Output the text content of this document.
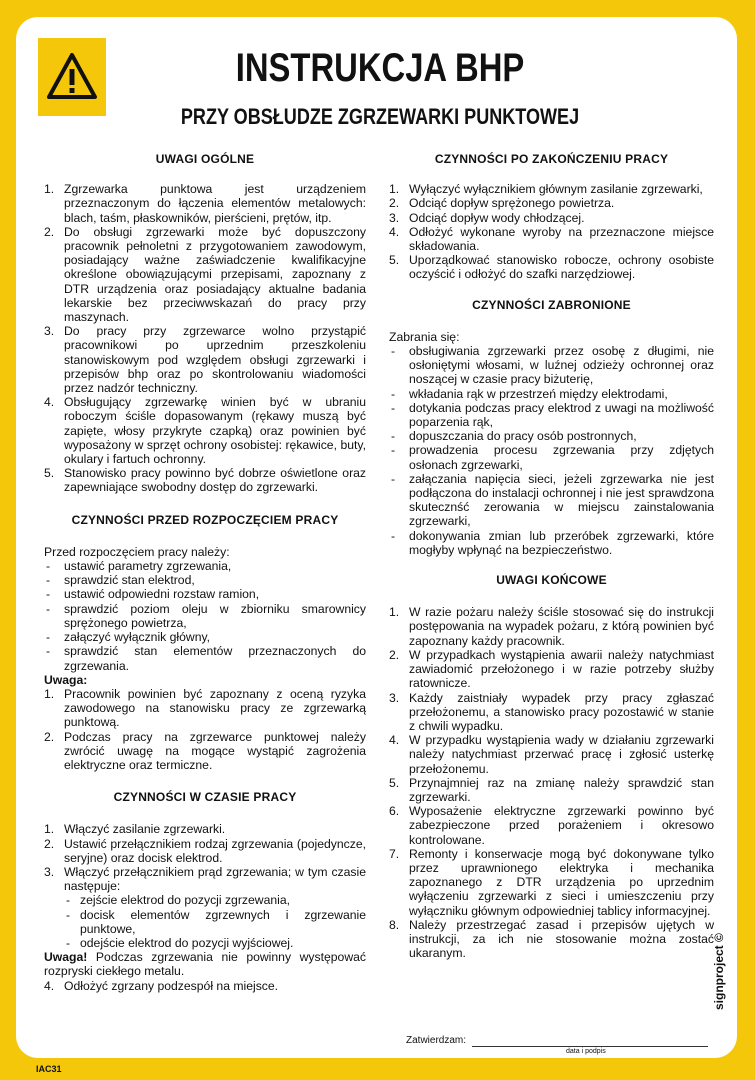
INSTRUKCJA BHP
PRZY OBSŁUDZE ZGRZEWARKI PUNKTOWEJ

UWAGI OGÓLNE

1. Zgrzewarka punktowa jest urządzeniem przeznaczonym do łączenia elementów metalowych: blach, taśm, płaskowników, pierścieni, prętów, itp.
2. Do obsługi zgrzewarki może być dopuszczony pracownik pełnoletni z przygotowaniem zawodowym, posiadający ważne zaświadczenie kwalifikacyjne określone obowiązującymi przepisami, zapoznany z DTR urządzenia oraz posiadający aktualne badania lekarskie bez przeciwwskazań do pracy przy maszynach.
3. Do pracy przy zgrzewarce wolno przystąpić pracownikowi po uprzednim przeszkoleniu stanowiskowym pod względem obsługi zgrzewarki i przepisów bhp oraz po skontrolowaniu wiadomości przez nadzór techniczny.
4. Obsługujący zgrzewarkę winien być w ubraniu roboczym ściśle dopasowanym (rękawy muszą być zapięte, włosy przykryte czapką) oraz powinien być wyposażony w sprzęt ochrony osobistej: rękawice, buty, okulary i fartuch ochronny.
5. Stanowisko pracy powinno być dobrze oświetlone oraz zapewniające swobodny dostęp do zgrzewarki.

CZYNNOŚCI PRZED ROZPOCZĘCIEM PRACY

Przed rozpoczęciem pracy należy:
- ustawić parametry zgrzewania,
- sprawdzić stan elektrod,
- ustawić odpowiedni rozstaw ramion,
- sprawdzić poziom oleju w zbiorniku smarownicy sprężonego powietrza,
- załączyć wyłącznik główny,
- sprawdzić stan elementów przeznaczonych do zgrzewania.
Uwaga:
1. Pracownik powinien być zapoznany z oceną ryzyka zawodowego na stanowisku pracy ze zgrzewarką punktową.
2. Podczas pracy na zgrzewarce punktowej należy zwrócić uwagę na mogące wystąpić zagrożenia elektryczne oraz termiczne.

CZYNNOŚCI W CZASIE PRACY

1. Włączyć zasilanie zgrzewarki.
2. Ustawić przełącznikiem rodzaj zgrzewania (pojedyncze, seryjne) oraz docisk elektrod.
3. Włączyć przełącznikiem prąd zgrzewania; w tym czasie następuje:
- zejście elektrod do pozycji zgrzewania,
- docisk elementów zgrzewnych i zgrzewanie punktowe,
- odejście elektrod do pozycji wyjściowej.
Uwaga! Podczas zgrzewania nie powinny występować rozpryski ciekłego metalu.
4. Odłożyć zgrzany podzespół na miejsce.

CZYNNOŚCI PO ZAKOŃCZENIU PRACY

1. Wyłączyć wyłącznikiem głównym zasilanie zgrzewarki,
2. Odciąć dopływ sprężonego powietrza.
3. Odciąć dopływ wody chłodzącej.
4. Odłożyć wykonane wyroby na przeznaczone miejsce składowania.
5. Uporządkować stanowisko robocze, ochrony osobiste oczyścić i odłożyć do szafki narzędziowej.

CZYNNOŚCI ZABRONIONE

Zabrania się:
- obsługiwania zgrzewarki przez osobę z długimi, nie osłoniętymi włosami, w luźnej odzieży ochronnej oraz noszącej w czasie pracy biżuterię,
- wkładania rąk w przestrzeń między elektrodami,
- dotykania podczas pracy elektrod z uwagi na możliwość poparzenia rąk,
- dopuszczania do pracy osób postronnych,
- prowadzenia procesu zgrzewania przy zdjętych osłonach zgrzewarki,
- załączania napięcia sieci, jeżeli zgrzewarka nie jest podłączona do instalacji ochronnej i nie jest sprawdzona skutecznść zerowania w miejscu zainstalowania zgrzewarki,
- dokonywania zmian lub przeróbek zgrzewarki, które mogłyby wpłynąć na bezpieczeństwo.

UWAGI KOŃCOWE

1. W razie pożaru należy ściśle stosować się do instrukcji postępowania na wypadek pożaru, z którą powinien być zapoznany każdy pracownik.
2. W przypadkach wystąpienia awarii należy natychmiast zawiadomić przełożonego i w razie potrzeby służby ratownicze.
3. Każdy zaistniały wypadek przy pracy zgłaszać przełożonemu, a stanowisko pracy pozostawić w stanie z chwili wypadku.
4. W przypadku wystąpienia wady w działaniu zgrzewarki należy natychmiast przerwać pracę i zgłosić usterkę przełożonemu.
5. Przynajmniej raz na zmianę należy sprawdzić stan zgrzewarki.
6. Wyposażenie elektryczne zgrzewarki powinno być zabezpieczone przed porażeniem i okresowo kontrolowane.
7. Remonty i konserwacje mogą być dokonywane tylko przez uprawnionego elektryka i mechanika zapoznanego z DTR urządzenia po uprzednim wyłączeniu zgrzewarki z sieci i umieszczeniu przy wyłączniku głównym odpowiedniej tablicy informacyjnej.
8. Należy przestrzegać zasad i przepisów ujętych w instrukcji, za ich nie stosowanie można zostać ukaranym.
Zatwierdzam:
data i podpis
IAC31
signproject ©
